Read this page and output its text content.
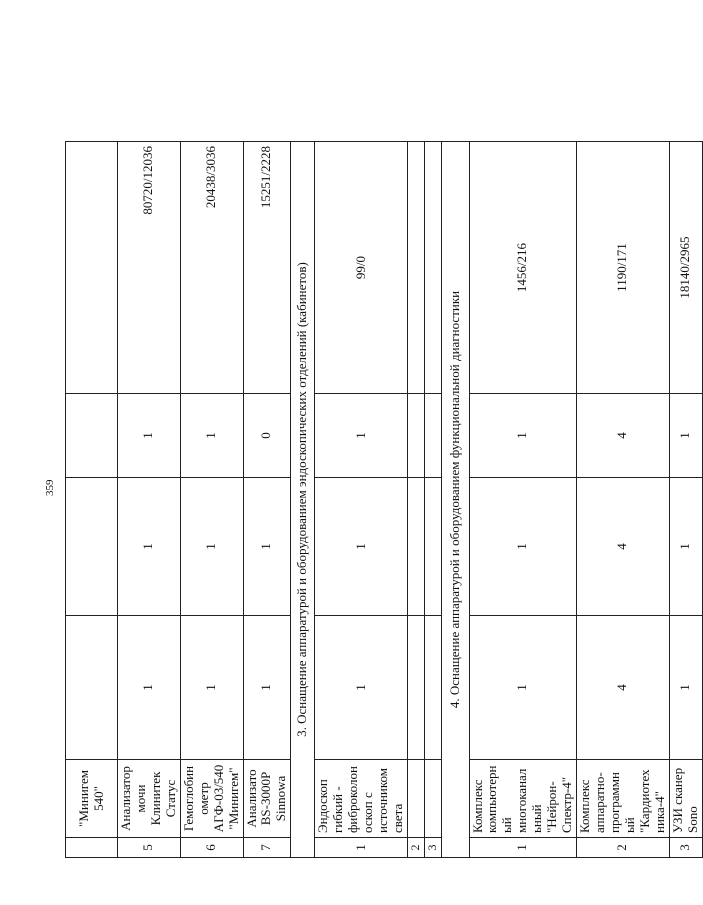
359
	"Минигем 540"				
5	Анализатор мочи Клинитек Статус	1	1	1	80720/12036
6	Гемоглобинометр АГФ-03/540 "Минигем"	1	1	1	20438/3036
7	Анализато BS-3000P Sinnowa	1	1	0	15251/2228
3. Оснащение аппаратурой и оборудованием эндоскопических отделений (кабинетов)					
1	Эндоскоп гибкий - фиброколоноскоп с источником света	1	1	1	99/0
2					
3					
4. Оснащение аппаратурой и оборудованием функциональной диагностики					
1	Комплекс компьютерный многоканальный "Нейрон-Спектр-4"	1	1	1	1456/216
2	Комплекс аппаратно-программный "Кардиотехника-4"	4	4	4	1190/171
3	УЗИ сканер Sono	1	1	1	18140/2965
